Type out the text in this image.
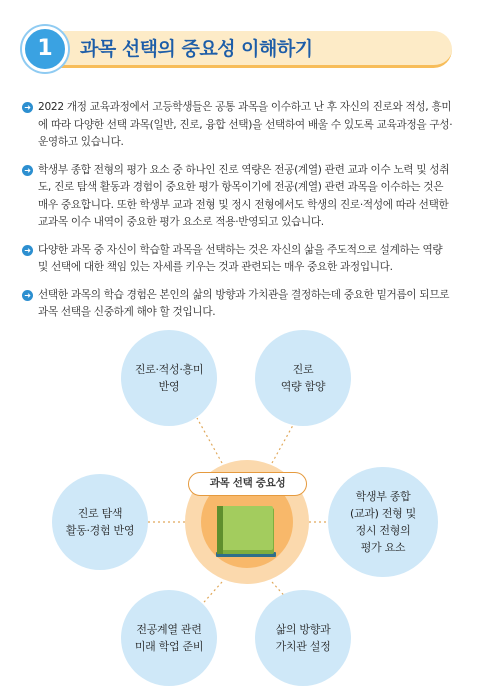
1	과목 선택의 중요성 이해하기
➜ 2022 개정 교육과정에서 고등학생들은 공통 과목을 이수하고 난 후 자신의 진로와 적성, 흥미에 따라 다양한 선택 과목(일반, 진로, 융합 선택)을 선택하여 배울 수 있도록 교육과정을 구성·운영하고 있습니다.
➜ 학생부 종합 전형의 평가 요소 중 하나인 진로 역량은 전공(계열) 관련 교과 이수 노력 및 성취도, 진로 탐색 활동과 경험이 중요한 평가 항목이기에 전공(계열) 관련 과목을 이수하는 것은 매우 중요합니다. 또한 학생부 교과 전형 및 정시 전형에서도 학생의 진로·적성에 따라 선택한 교과목 이수 내역이 중요한 평가 요소로 적용·반영되고 있습니다.
➜ 다양한 과목 중 자신이 학습할 과목을 선택하는 것은 자신의 삶을 주도적으로 설계하는 역량 및 선택에 대한 책임 있는 자세를 키우는 것과 관련되는 매우 중요한 과정입니다.
➜ 선택한 과목의 학습 경험은 본인의 삶의 방향과 가치관을 결정하는데 중요한 밑거름이 되므로 과목 선택을 신중하게 해야 할 것입니다.
진로·적성·흥미
반영
진로
역량 함양
진로 탐색
활동·경험 반영
학생부 종합
(교과) 전형 및
정시 전형의
평가 요소
전공계열 관련
미래 학업 준비
삶의 방향과
가치관 설정
과목 선택 중요성
